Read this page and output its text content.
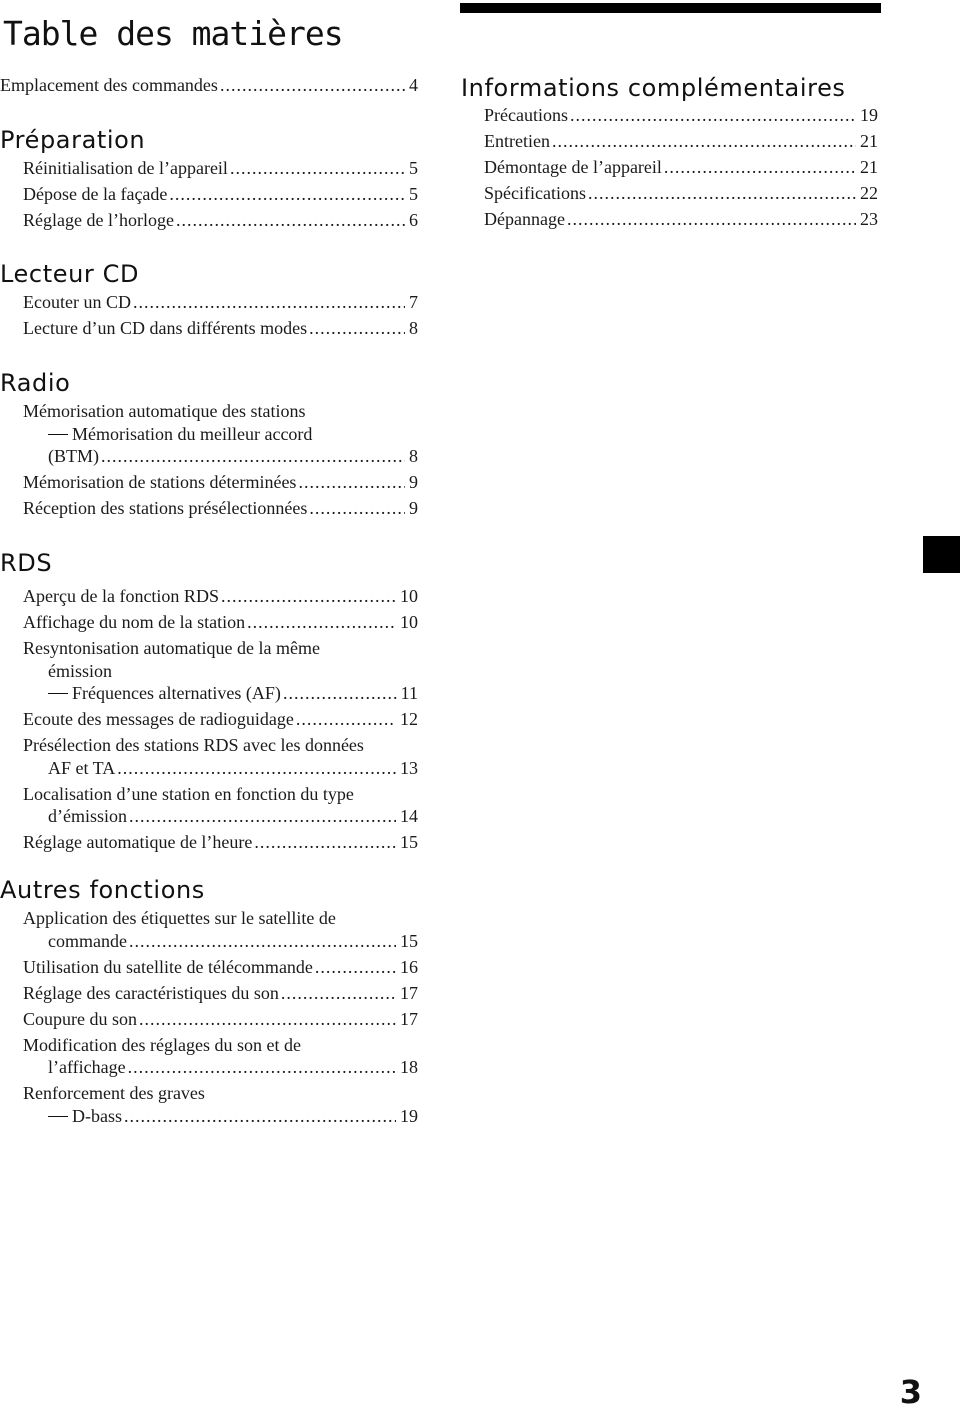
Table des matières
Emplacement des commandes .....	4
Préparation
Réinitialisation de l’appareil .....	5
Dépose de la façade .....	5
Réglage de l’horloge .....	6
Lecteur CD
Ecouter un CD .....	7
Lecture d’un CD dans différents modes .....	8
Radio
Mémorisation automatique des stations
Mémorisation du meilleur accord
(BTM) .....	8
Mémorisation de stations déterminées .....	9
Réception des stations présélectionnées .....	9
RDS
Aperçu de la fonction RDS .....	10
Affichage du nom de la station .....	10
Resyntonisation automatique de la même
émission
Fréquences alternatives (AF) .....	11
Ecoute des messages de radioguidage .....	12
Présélection des stations RDS avec les données
AF et TA .....	13
Localisation d’une station en fonction du type
d’émission .....	14
Réglage automatique de l’heure .....	15
Autres fonctions
Application des étiquettes sur le satellite de
commande .....	15
Utilisation du satellite de télécommande .....	16
Réglage des caractéristiques du son .....	17
Coupure du son .....	17
Modification des réglages du son et de
l’affichage .....	18
Renforcement des graves
D-bass .....	19
Informations complémentaires
Précautions .....	19
Entretien .....	21
Démontage de l’appareil .....	21
Spécifications .....	22
Dépannage .....	23
3
